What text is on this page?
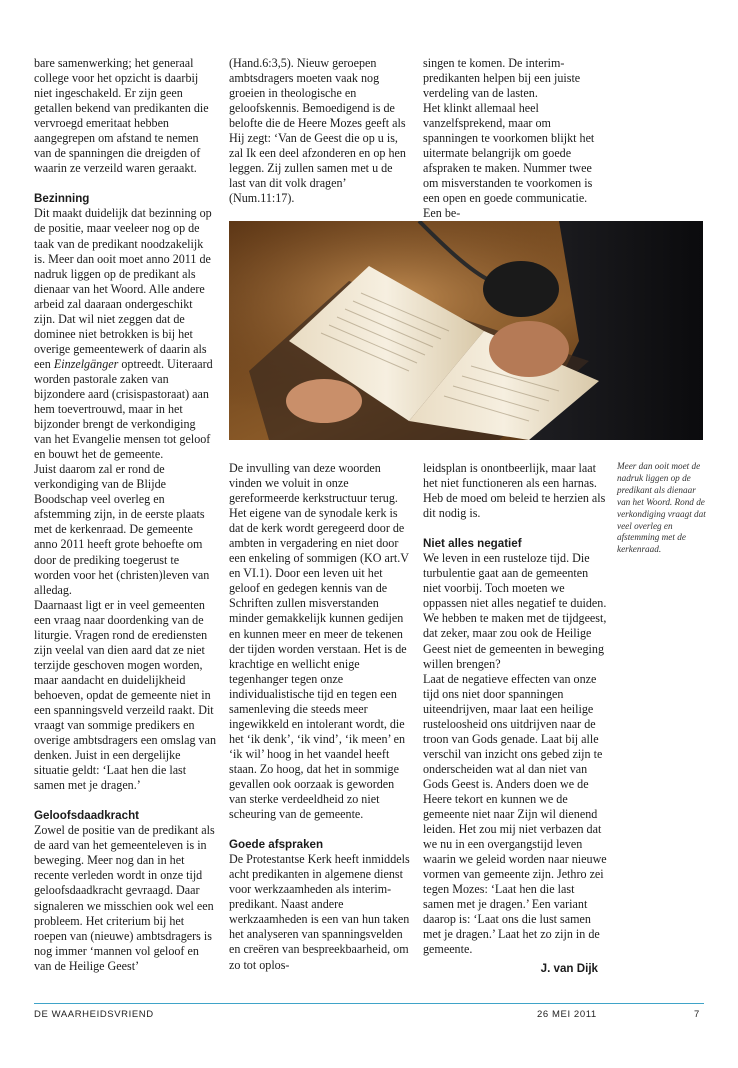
bare samenwerking; het generaal college voor het opzicht is daarbij niet ingeschakeld. Er zijn geen getallen bekend van predikanten die vervroegd emeritaat hebben aangegrepen om afstand te nemen van de spanningen die dreigden of waarin ze verzeild waren geraakt.

Bezinning

Dit maakt duidelijk dat bezinning op de positie, maar veeleer nog op de taak van de predikant noodzakelijk is. Meer dan ooit moet anno 2011 de nadruk liggen op de predikant als dienaar van het Woord. Alle andere arbeid zal daaraan ondergeschikt zijn. Dat wil niet zeggen dat de dominee niet betrokken is bij het overige gemeentewerk of daarin als een Einzelgänger optreedt. Uiteraard worden pastorale zaken van bijzondere aard (crisispastoraat) aan hem toevertrouwd, maar in het bijzonder brengt de verkondiging van het Evangelie mensen tot geloof en bouwt het de gemeente.

Juist daarom zal er rond de verkondiging van de Blijde Boodschap veel overleg en afstemming zijn, in de eerste plaats met de kerkenraad. De gemeente anno 2011 heeft grote behoefte om door de prediking toegerust te worden voor het (christen)leven van alledag.

Daarnaast ligt er in veel gemeenten een vraag naar doordenking van de liturgie. Vragen rond de erediensten zijn veelal van dien aard dat ze niet terzijde geschoven mogen worden, maar aandacht en duidelijkheid behoeven, opdat de gemeente niet in een spanningsveld verzeild raakt. Dit vraagt van sommige predikers en overige ambtsdragers een omslag van denken. Juist in een dergelijke situatie geldt: ‘Laat hen die last samen met je dragen.’

Geloofsdaadkracht

Zowel de positie van de predikant als de aard van het gemeenteleven is in beweging. Meer nog dan in het recente verleden wordt in onze tijd geloofsdaadkracht gevraagd. Daar signaleren we misschien ook wel een probleem. Het criterium bij het roepen van (nieuwe) ambtsdragers is nog immer ‘mannen vol geloof en van de Heilige Geest’

(Hand.6:3,5). Nieuw geroepen ambtsdragers moeten vaak nog groeien in theologische en geloofskennis. Bemoedigend is de belofte die de Heere Mozes geeft als Hij zegt: ‘Van de Geest die op u is, zal Ik een deel afzonderen en op hen leggen. Zij zullen samen met u de last van dit volk dragen’ (Num.11:17).

singen te komen. De interim-predikanten helpen bij een juiste verdeling van de lasten.

Het klinkt allemaal heel vanzelfsprekend, maar om spanningen te voorkomen blijkt het uitermate belangrijk om goede afspraken te maken. Nummer twee om misverstanden te voorkomen is een open en goede communicatie. Een be-

De invulling van deze woorden vinden we voluit in onze gereformeerde kerkstructuur terug. Het eigene van de synodale kerk is dat de kerk wordt geregeerd door de ambten in vergadering en niet door een enkeling of sommigen (KO art.V en VI.1). Door een leven uit het geloof en gedegen kennis van de Schriften zullen misverstanden minder gemakkelijk kunnen gedijen en kunnen meer en meer de tekenen der tijden worden verstaan. Het is de krachtige en wellicht enige tegenhanger tegen onze individualistische tijd en tegen een samenleving die steeds meer ingewikkeld en intolerant wordt, die het ‘ik denk’, ‘ik vind’, ‘ik meen’ en ‘ik wil’ hoog in het vaandel heeft staan. Zo hoog, dat het in sommige gevallen ook oorzaak is geworden van sterke verdeeldheid zo niet scheuring van de gemeente.

Goede afspraken

De Protestantse Kerk heeft inmiddels acht predikanten in algemene dienst voor werkzaamheden als interim-predikant. Naast andere werkzaamheden is een van hun taken het analyseren van spanningsvelden en creëren van bespreekbaarheid, om zo tot oplos-

leidsplan is onontbeerlijk, maar laat het niet functioneren als een harnas. Heb de moed om beleid te herzien als dit nodig is.

Niet alles negatief

We leven in een rusteloze tijd. Die turbulentie gaat aan de gemeenten niet voorbij. Toch moeten we oppassen niet alles negatief te duiden. We hebben te maken met de tijdgeest, dat zeker, maar zou ook de Heilige Geest niet de gemeenten in beweging willen brengen?

Laat de negatieve effecten van onze tijd ons niet door spanningen uiteendrijven, maar laat een heilige rusteloosheid ons uitdrijven naar de troon van Gods genade. Laat bij alle verschil van inzicht ons gebed zijn te onderscheiden wat al dan niet van Gods Geest is. Anders doen we de Heere tekort en kunnen we de gemeente niet naar Zijn wil dienend leiden. Het zou mij niet verbazen dat we nu in een overgangstijd leven waarin we geleid worden naar nieuwe vormen van gemeente zijn. Jethro zei tegen Mozes: ‘Laat hen die last samen met je dragen.’ Een variant daarop is: ‘Laat ons die lust samen met je dragen.’ Laat het zo zijn in de gemeente.

J. van Dijk

Meer dan ooit moet de nadruk liggen op de predikant als dienaar van het Woord. Rond de verkondiging vraagt dat veel overleg en afstemming met de kerkenraad.

DE WAARHEIDSVRIEND	26 MEI 2011	7
